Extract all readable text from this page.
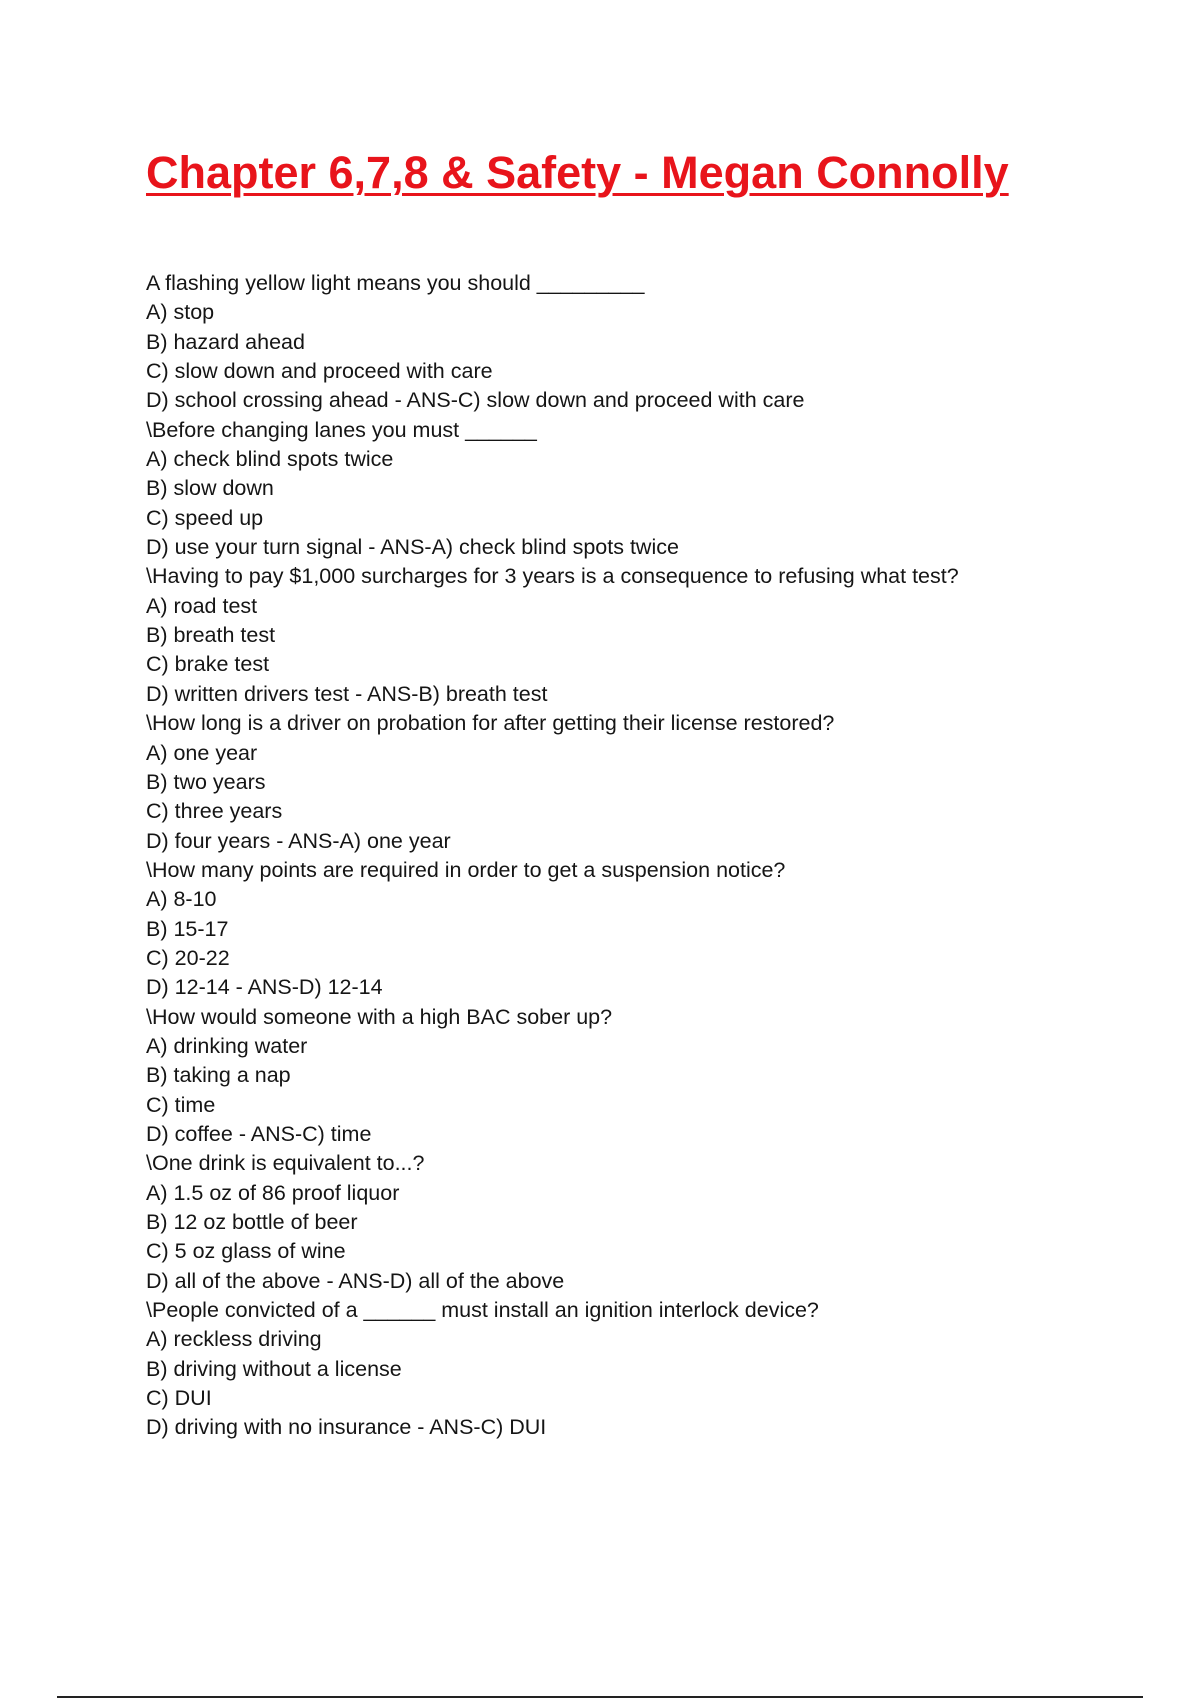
Chapter 6,7,8 & Safety - Megan Connolly
A flashing yellow light means you should _________
A) stop
B) hazard ahead
C) slow down and proceed with care
D) school crossing ahead - ANS-C) slow down and proceed with care
\Before changing lanes you must ______
A) check blind spots twice
B) slow down
C) speed up
D) use your turn signal - ANS-A) check blind spots twice
\Having to pay $1,000 surcharges for 3 years is a consequence to refusing what test?
A) road test
B) breath test
C) brake test
D) written drivers test - ANS-B) breath test
\How long is a driver on probation for after getting their license restored?
A) one year
B) two years
C) three years
D) four years - ANS-A) one year
\How many points are required in order to get a suspension notice?
A) 8-10
B) 15-17
C) 20-22
D) 12-14 - ANS-D) 12-14
\How would someone with a high BAC sober up?
A) drinking water
B) taking a nap
C) time
D) coffee - ANS-C) time
\One drink is equivalent to...?
A) 1.5 oz of 86 proof liquor
B) 12 oz bottle of beer
C) 5 oz glass of wine
D) all of the above - ANS-D) all of the above
\People convicted of a ______ must install an ignition interlock device?
A) reckless driving
B) driving without a license
C) DUI
D) driving with no insurance - ANS-C) DUI
